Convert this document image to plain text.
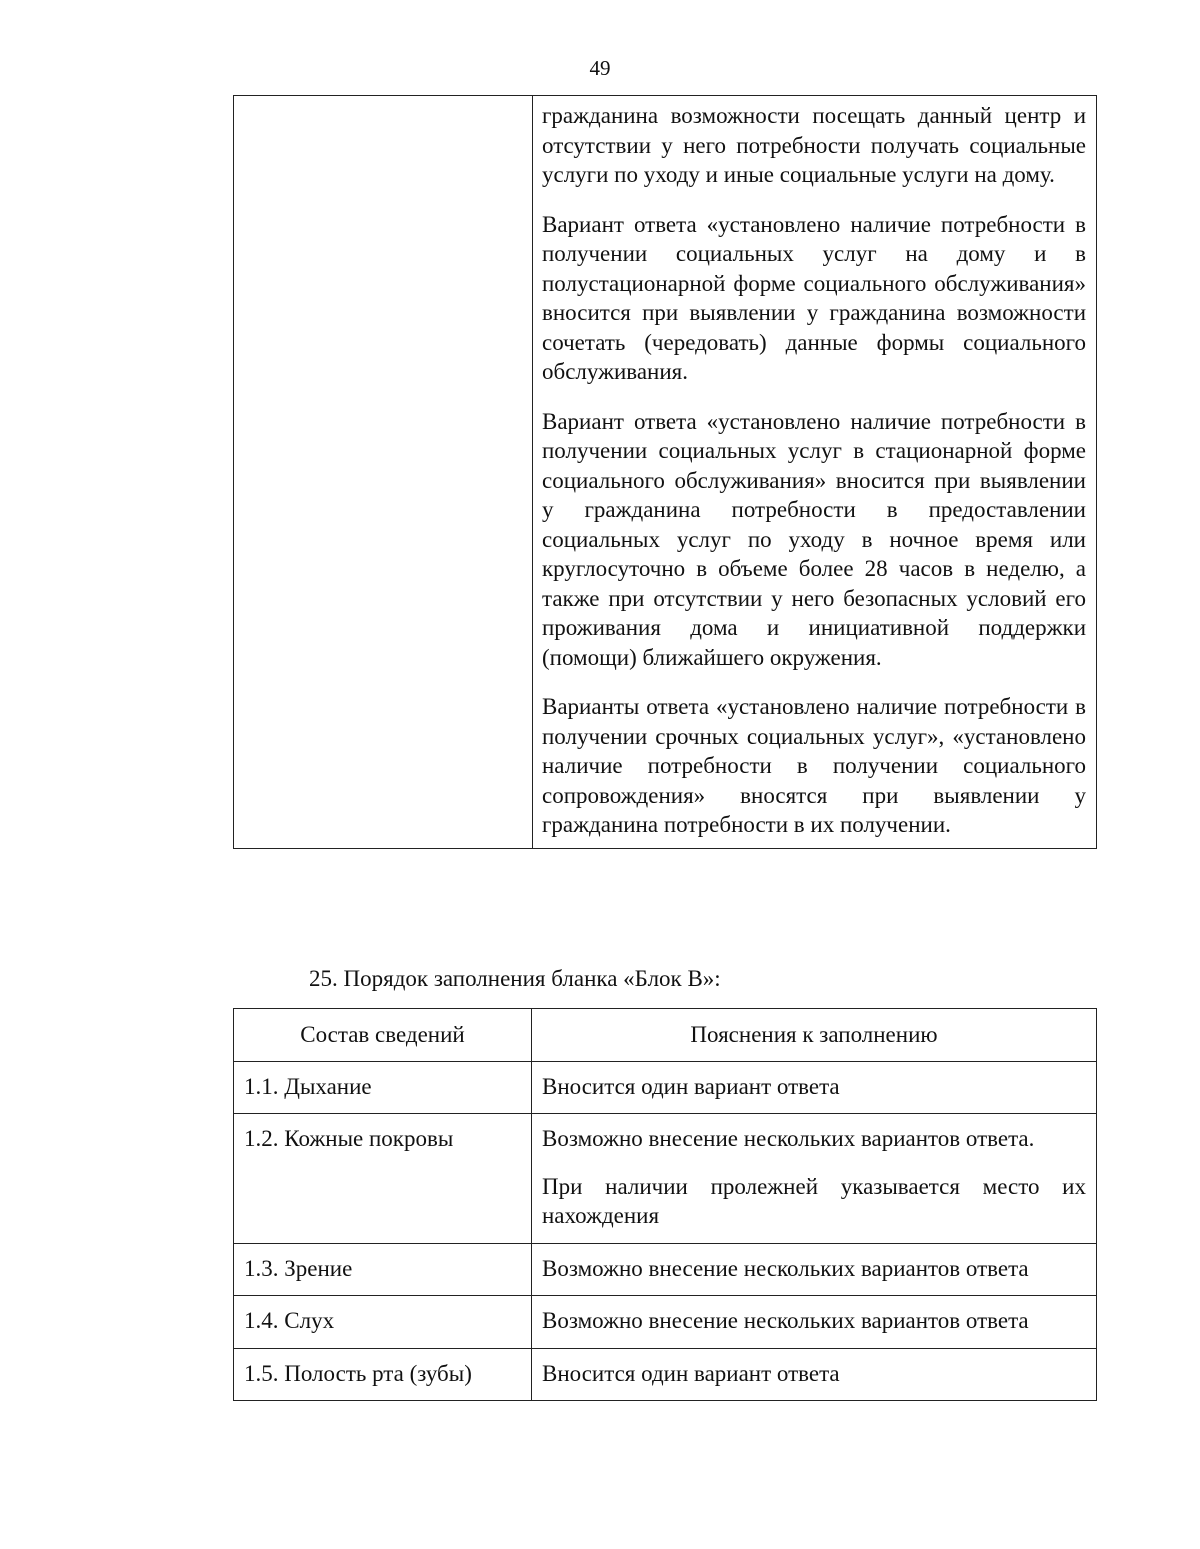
49

гражданина возможности посещать данный центр и отсутствии у него потребности получать социальные услуги по уходу и иные социальные услуги на дому.

Вариант ответа «установлено наличие потребности в получении социальных услуг на дому и в полустационарной форме социального обслуживания» вносится при выявлении у гражданина возможности сочетать (чередовать) данные формы социального обслуживания.

Вариант ответа «установлено наличие потребности в получении социальных услуг в стационарной форме социального обслуживания» вносится при выявлении у гражданина потребности в предоставлении социальных услуг по уходу в ночное время или круглосуточно в объеме более 28 часов в неделю, а также при отсутствии у него безопасных условий его проживания дома и инициативной поддержки (помощи) ближайшего окружения.

Варианты ответа «установлено наличие потребности в получении срочных социальных услуг», «установлено наличие потребности в получении социального сопровождения» вносятся при выявлении у гражданина потребности в их получении.

25. Порядок заполнения бланка «Блок В»:
Состав сведений	Пояснения к заполнению
1.1. Дыхание	Вносится один вариант ответа

1.2. Кожные покровы	Возможно внесение нескольких вариантов ответа.

При наличии пролежней указывается место их нахождения

1.3. Зрение	Возможно внесение нескольких вариантов ответа

1.4. Слух	Возможно внесение нескольких вариантов ответа

1.5. Полость рта (зубы)	Вносится один вариант ответа
